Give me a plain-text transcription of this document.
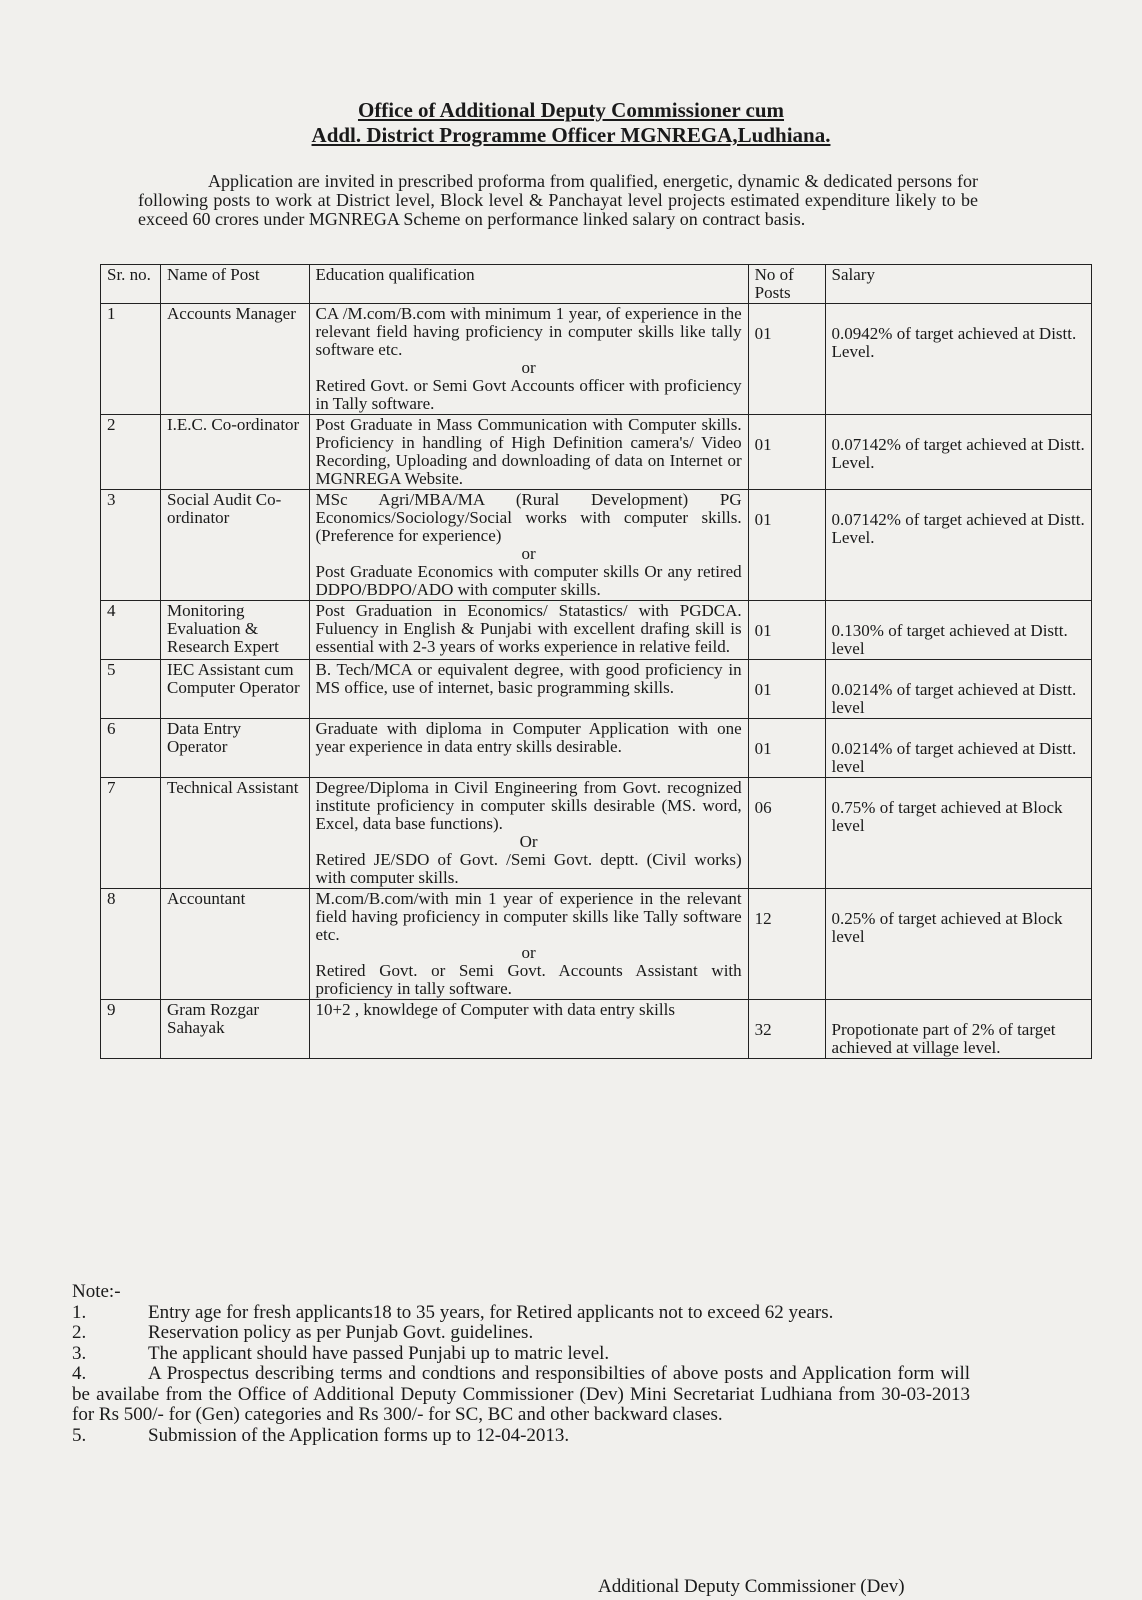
Office of Additional Deputy Commissioner cum
Addl. District Programme Officer MGNREGA,Ludhiana.
Application are invited in prescribed proforma from qualified, energetic, dynamic & dedicated persons for following posts to work at District level, Block level & Panchayat level projects estimated expenditure likely to be exceed 60 crores under MGNREGA Scheme on performance linked salary on contract basis.
Sr. no.	Name of Post	Education qualification	No of Posts	Salary
1	Accounts Manager	CA /M.com/B.com with minimum 1 year, of experience in the relevant field having proficiency in computer skills like tally software etc.
or
Retired Govt. or Semi Govt Accounts officer with proficiency in Tally software.	01	0.0942% of target achieved at Distt. Level.

2	I.E.C. Co-ordinator	Post Graduate in Mass Communication with Computer skills. Proficiency in handling of High Definition camera's/ Video Recording, Uploading and downloading of data on Internet or MGNREGA Website.	01	0.07142% of target achieved at Distt. Level.

3	Social Audit Co-ordinator	MSc Agri/MBA/MA (Rural Development) PG Economics/Sociology/Social works with computer skills. (Preference for experience)
or
Post Graduate Economics with computer skills Or any retired DDPO/BDPO/ADO with computer skills.	01	0.07142% of target achieved at Distt. Level.

4	Monitoring Evaluation & Research Expert	Post Graduation in Economics/ Statastics/ with PGDCA. Fuluency in English & Punjabi with excellent drafing skill is essential with 2-3 years of works experience in relative feild.	01	0.130% of target achieved at Distt. level

5	IEC Assistant cum Computer Operator	B. Tech/MCA or equivalent degree, with good proficiency in MS office, use of internet, basic programming skills.	01	0.0214% of target achieved at Distt. level

6	Data Entry Operator	Graduate with diploma in Computer Application with one year experience in data entry skills desirable.	01	0.0214% of target achieved at Distt. level

7	Technical Assistant	Degree/Diploma in Civil Engineering from Govt. recognized institute proficiency in computer skills desirable (MS. word, Excel, data base functions).
Or
Retired JE/SDO of Govt. /Semi Govt. deptt. (Civil works) with computer skills.	06	0.75% of target achieved at Block level

8	Accountant	M.com/B.com/with min 1 year of experience in the relevant field having proficiency in computer skills like Tally software etc.
or
Retired Govt. or Semi Govt. Accounts Assistant with proficiency in tally software.	12	0.25% of target achieved at Block level

9	Gram Rozgar Sahayak	10+2 , knowldege of Computer with data entry skills	32	Propotionate part of 2% of target achieved at village level.
Note:-
1.	Entry age for fresh applicants18 to 35 years, for Retired applicants not to exceed 62 years.
2.	Reservation policy as per Punjab Govt. guidelines.
3.	The applicant should have passed Punjabi up to matric level.
4.	A Prospectus describing terms and condtions and responsibilties of above posts and Application form will be availabe from the Office of Additional Deputy Commissioner (Dev) Mini Secretariat Ludhiana from 30-03-2013 for Rs 500/- for (Gen) categories and Rs 300/- for SC, BC and other backward clases.
5.	Submission of the Application forms up to 12-04-2013.
Additional Deputy Commissioner (Dev)
